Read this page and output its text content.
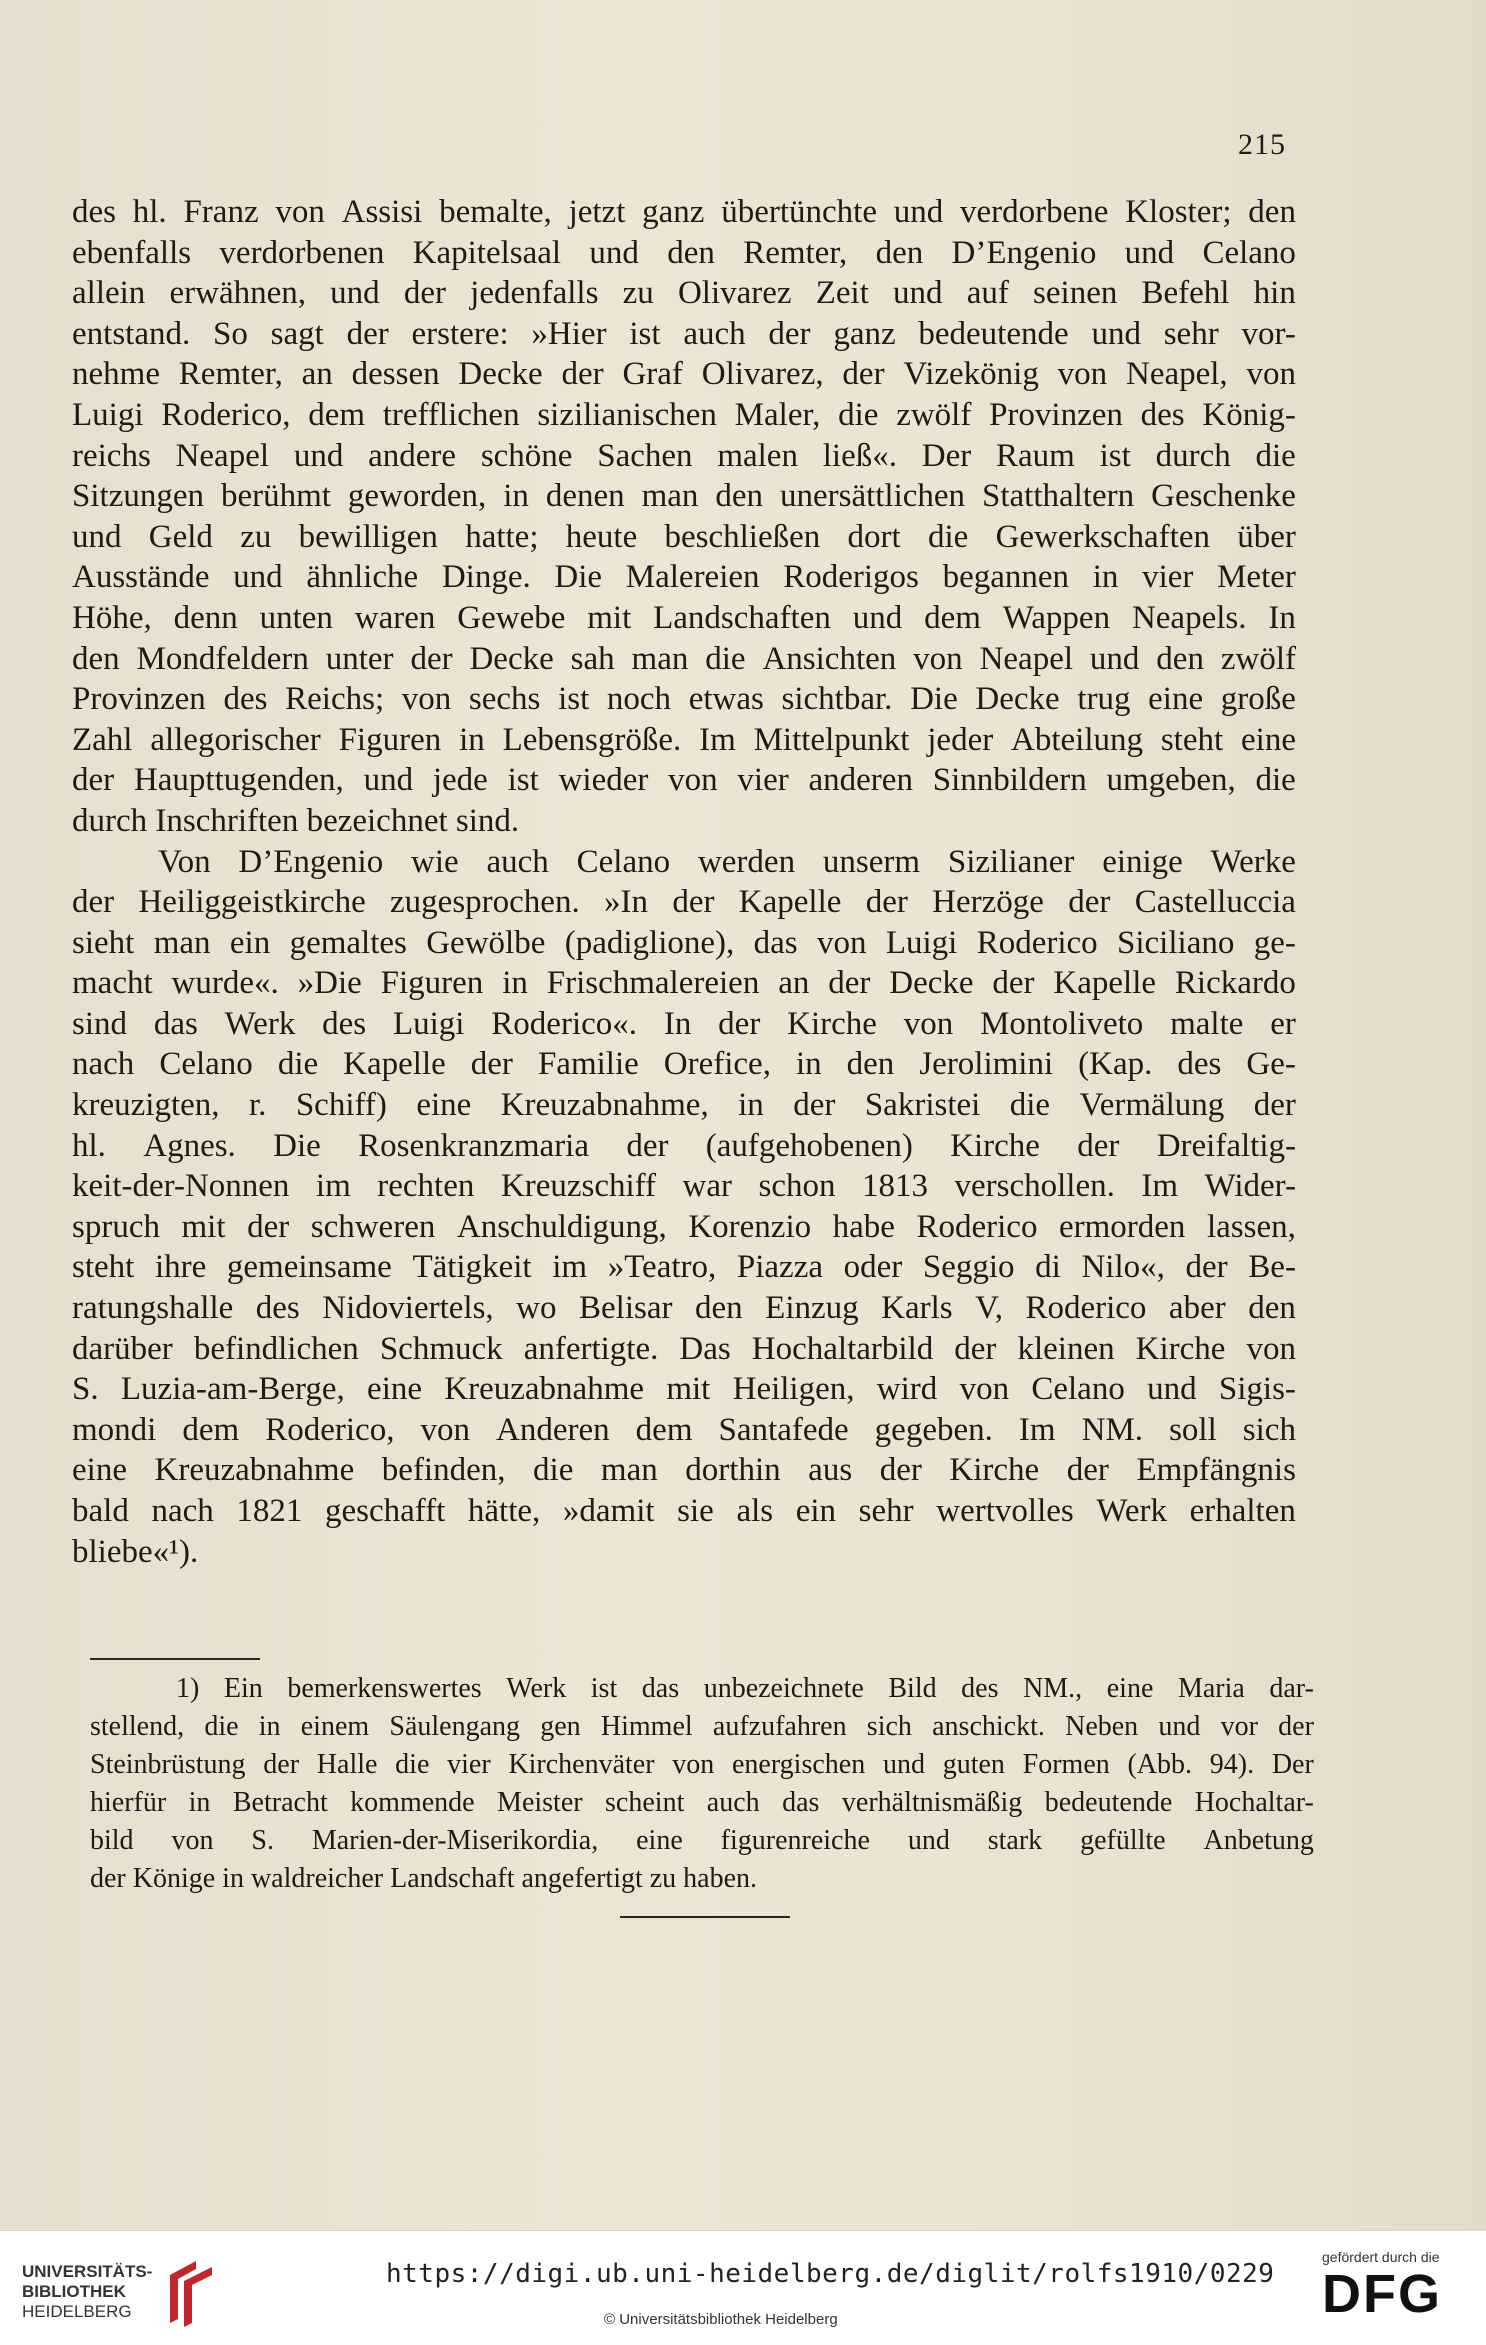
215
des hl. Franz von Assisi bemalte, jetzt ganz übertünchte und verdorbene Kloster; den
ebenfalls verdorbenen Kapitelsaal und den Remter, den D’Engenio und Celano
allein erwähnen, und der jedenfalls zu Olivarez Zeit und auf seinen Befehl hin
entstand. So sagt der erstere: »Hier ist auch der ganz bedeutende und sehr vor-
nehme Remter, an dessen Decke der Graf Olivarez, der Vizekönig von Neapel, von
Luigi Roderico, dem trefflichen sizilianischen Maler, die zwölf Provinzen des König-
reichs Neapel und andere schöne Sachen malen ließ«. Der Raum ist durch die
Sitzungen berühmt geworden, in denen man den unersättlichen Statthaltern Geschenke
und Geld zu bewilligen hatte; heute beschließen dort die Gewerkschaften über
Ausstände und ähnliche Dinge. Die Malereien Roderigos begannen in vier Meter
Höhe, denn unten waren Gewebe mit Landschaften und dem Wappen Neapels. In
den Mondfeldern unter der Decke sah man die Ansichten von Neapel und den zwölf
Provinzen des Reichs; von sechs ist noch etwas sichtbar. Die Decke trug eine große
Zahl allegorischer Figuren in Lebensgröße. Im Mittelpunkt jeder Abteilung steht eine
der Haupttugenden, und jede ist wieder von vier anderen Sinnbildern umgeben, die
durch Inschriften bezeichnet sind.
Von D’Engenio wie auch Celano werden unserm Sizilianer einige Werke
der Heiliggeistkirche zugesprochen. »In der Kapelle der Herzöge der Castelluccia
sieht man ein gemaltes Gewölbe (padiglione), das von Luigi Roderico Siciliano ge-
macht wurde«. »Die Figuren in Frischmalereien an der Decke der Kapelle Rickardo
sind das Werk des Luigi Roderico«. In der Kirche von Montoliveto malte er
nach Celano die Kapelle der Familie Orefice, in den Jerolimini (Kap. des Ge-
kreuzigten, r. Schiff) eine Kreuzabnahme, in der Sakristei die Vermälung der
hl. Agnes. Die Rosenkranzmaria der (aufgehobenen) Kirche der Dreifaltig-
keit-der-Nonnen im rechten Kreuzschiff war schon 1813 verschollen. Im Wider-
spruch mit der schweren Anschuldigung, Korenzio habe Roderico ermorden lassen,
steht ihre gemeinsame Tätigkeit im »Teatro, Piazza oder Seggio di Nilo«, der Be-
ratungshalle des Nidoviertels, wo Belisar den Einzug Karls V, Roderico aber den
darüber befindlichen Schmuck anfertigte. Das Hochaltarbild der kleinen Kirche von
S. Luzia-am-Berge, eine Kreuzabnahme mit Heiligen, wird von Celano und Sigis-
mondi dem Roderico, von Anderen dem Santafede gegeben. Im NM. soll sich
eine Kreuzabnahme befinden, die man dorthin aus der Kirche der Empfängnis
bald nach 1821 geschafft hätte, »damit sie als ein sehr wertvolles Werk erhalten
bliebe«¹).
1) Ein bemerkenswertes Werk ist das unbezeichnete Bild des NM., eine Maria dar-
stellend, die in einem Säulengang gen Himmel aufzufahren sich anschickt. Neben und vor der
Steinbrüstung der Halle die vier Kirchenväter von energischen und guten Formen (Abb. 94). Der
hierfür in Betracht kommende Meister scheint auch das verhältnismäßig bedeutende Hochaltar-
bild von S. Marien-der-Miserikordia, eine figurenreiche und stark gefüllte Anbetung
der Könige in waldreicher Landschaft angefertigt zu haben.
UNIVERSITÄTS-
BIBLIOTHEK
HEIDELBERG
https://digi.ub.uni-heidelberg.de/diglit/rolfs1910/0229
© Universitätsbibliothek Heidelberg
gefördert durch die
DFG
